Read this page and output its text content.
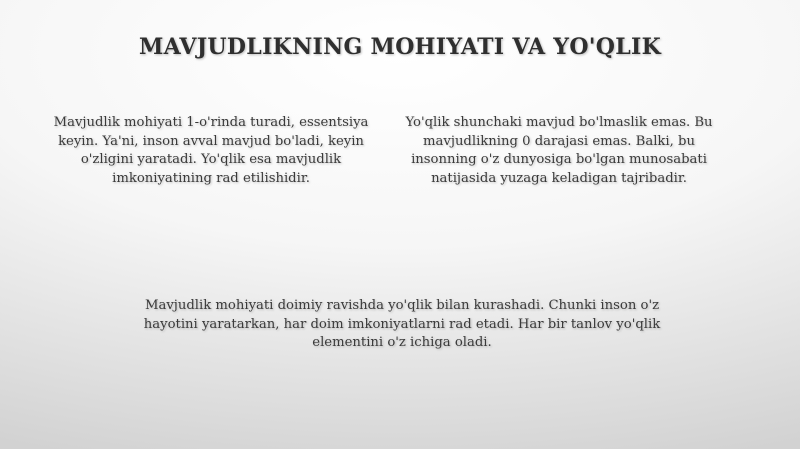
MAVJUDLIKNING MOHIYATI VA YO'QLIK

Mavjudlik mohiyati 1-o'rinda turadi, essentsiya keyin. Ya'ni, inson avval mavjud bo'ladi, keyin o'zligini yaratadi. Yo'qlik esa mavjudlik imkoniyatining rad etilishidir.

Yo'qlik shunchaki mavjud bo'lmaslik emas. Bu mavjudlikning 0 darajasi emas. Balki, bu insonning o'z dunyosiga bo'lgan munosabati natijasida yuzaga keladigan tajribadir.

Mavjudlik mohiyati doimiy ravishda yo'qlik bilan kurashadi. Chunki inson o'z hayotini yaratarkan, har doim imkoniyatlarni rad etadi. Har bir tanlov yo'qlik elementini o'z ichiga oladi.
